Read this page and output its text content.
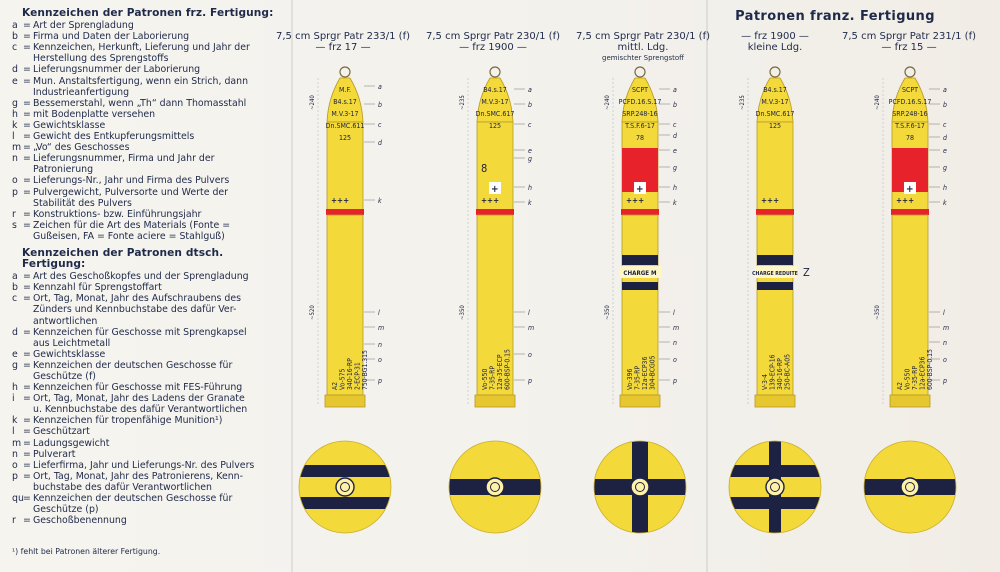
Kennzeichen der Patronen frz. Fertigung:
a = Art der Sprengladung
b = Firma und Daten der Laborierung
c = Kennzeichen, Herkunft, Lieferung und Jahr der
Herstellung des Sprengstoffs
d = Lieferungsnummer der Laborierung
e = Mun. Anstaltsfertigung, wenn ein Strich, dann
Industrieanfertigung
g = Bessemerstahl, wenn „Th“ dann Thomasstahl
h = mit Bodenplatte versehen
k = Gewichtsklasse
l = Gewicht des Entkupferungsmittels
m = „Vo“ des Geschosses
n = Lieferungsnummer, Firma und Jahr der
Patronierung
o = Lieferungs-Nr., Jahr und Firma des Pulvers
p = Pulvergewicht, Pulversorte und Werte der
Stabilität des Pulvers
r = Konstruktions- bzw. Einführungsjahr
s = Zeichen für die Art des Materials (Fonte =
Gußeisen, FA = Fonte aciere = Stahlguß)
Kennzeichen der Patronen dtsch. Fertigung:
a = Art des Geschoßkopfes und der Sprengladung
b = Kennzahl für Sprengstoffart
c = Ort, Tag, Monat, Jahr des Aufschraubens des
Zünders und Kennbuchstabe des dafür Ver-
antwortlichen
d = Kennzeichen für Geschosse mit Sprengkapsel
aus Leichtmetall
e = Gewichtsklasse
g = Kennzeichen der deutschen Geschosse für
Geschütze (f)
h = Kennzeichen für Geschosse mit FES-Führung
i = Ort, Tag, Monat, Jahr des Ladens der Granate
u. Kennbuchstabe des dafür Verantwortlichen
k = Kennzeichen für tropenfähige Munition¹)
l = Geschützart
m = Ladungsgewicht
n = Pulverart
o = Lieferfirma, Jahr und Lieferungs-Nr. des Pulvers
p = Ort, Tag, Monat, Jahr des Patronierens, Kenn-
buchstabe des dafür Verantwortlichen
qu = Kennzeichen der deutschen Geschosse für
Geschütze (p)
r = Geschoßbenennung
¹) fehlt bei Patronen älterer Fertigung.
Patronen franz. Fertigung
7,5 cm Sprgr Patr 233/1 (f)
— frz 17 —
7,5 cm Sprgr Patr 230/1 (f)
— frz 1900 —
7,5 cm Sprgr Patr 230/1 (f)
mittl. Ldg.
gemischter Sprengstoff
— frz 1900 —
kleine Ldg.
7,5 cm Sprgr Patr 231/1 (f)
— frz 15 —
+++
M.F.
B4.s.17
M.V.3-17
Dn.SMC.611
125
A2 Vo-575 340-16-RP 2-ECP-31 750-BG1.315
~240
~520
a
b
c
d
k
l
m
n
o
p
+++
B4.s.17
M.V.3-17
Dn.SMC.617
125
Vo-550 7-35-RP 12a-35-ECP 600-BSP-0.15
8
+
~235
~350
a
b
c
e
g
h
k
l
m
o
p
+++
SCPT
PCFD.16.S.17
SRP.248-16
T.S.F.6-17
78
Vo-396 7-35-RP 12a-ECP36 304-BCG05
CHARGE M
+
~240
~350
a
b
c
d
e
g
h
k
l
m
n
o
p
+++
B4.s.17
M.V.3-17
Dn.SMC.617
125
V-3-4 139-ECP-16 340-16-RP 250-BC-A05
CHARGE REDUITE Z
~235
+++
SCPT
PCFD.16.S.17
SRP.248-16
T.S.F.6-17
78
A2 Vo-550 7-35-RP 12a-ECP36 600-BSP-0.15
+
~240
~350
a
b
c
d
e
g
h
k
l
m
n
o
p
